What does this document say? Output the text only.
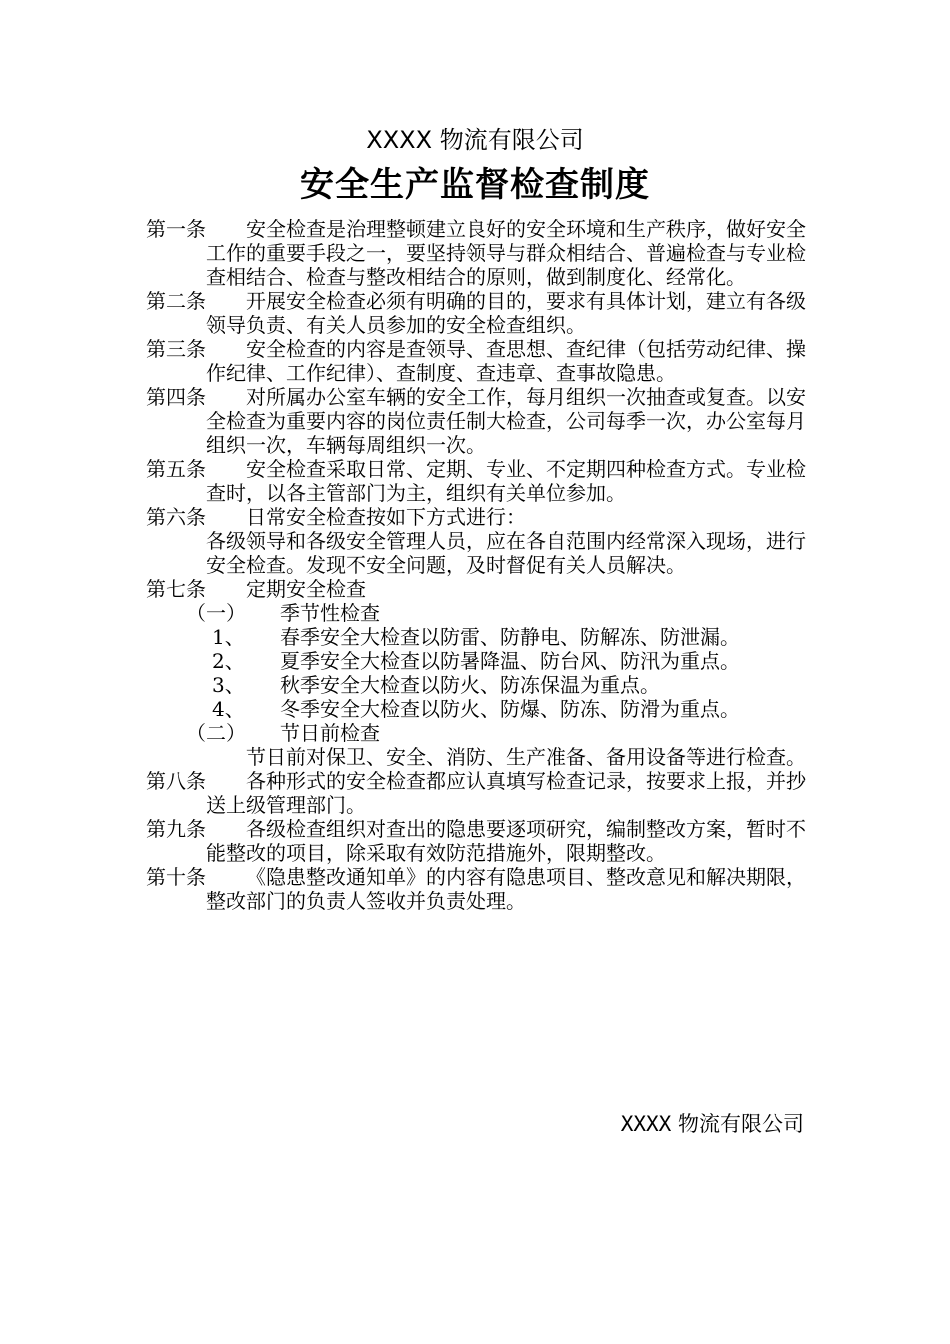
XXXX 物流有限公司
安全生产监督检查制度
第一条	安全检查是治理整顿建立良好的安全环境和生产秩序，做好安全工作的重要手段之一，要坚持领导与群众相结合、普遍检查与专业检查相结合、检查与整改相结合的原则，做到制度化、经常化。
第二条	开展安全检查必须有明确的目的，要求有具体计划，建立有各级领导负责、有关人员参加的安全检查组织。
第三条	安全检查的内容是查领导、查思想、查纪律（包括劳动纪律、操作纪律、工作纪律）、查制度、查违章、查事故隐患。
第四条	对所属办公室车辆的安全工作，每月组织一次抽查或复查。以安全检查为重要内容的岗位责任制大检查，公司每季一次，办公室每月组织一次，车辆每周组织一次。
第五条	安全检查采取日常、定期、专业、不定期四种检查方式。专业检查时，以各主管部门为主，组织有关单位参加。
第六条	日常安全检查按如下方式进行：
各级领导和各级安全管理人员，应在各自范围内经常深入现场，进行安全检查。发现不安全问题，及时督促有关人员解决。
第七条	定期安全检查
（一） 季节性检查
1、 春季安全大检查以防雷、防静电、防解冻、防泄漏。
2、 夏季安全大检查以防暑降温、防台风、防汛为重点。
3、 秋季安全大检查以防火、防冻保温为重点。
4、 冬季安全大检查以防火、防爆、防冻、防滑为重点。
（二） 节日前检查
节日前对保卫、安全、消防、生产准备、备用设备等进行检查。
第八条	各种形式的安全检查都应认真填写检查记录，按要求上报，并抄送上级管理部门。
第九条	各级检查组织对查出的隐患要逐项研究，编制整改方案，暂时不能整改的项目，除采取有效防范措施外，限期整改。
第十条	《隐患整改通知单》的内容有隐患项目、整改意见和解决期限，整改部门的负责人签收并负责处理。
XXXX 物流有限公司
